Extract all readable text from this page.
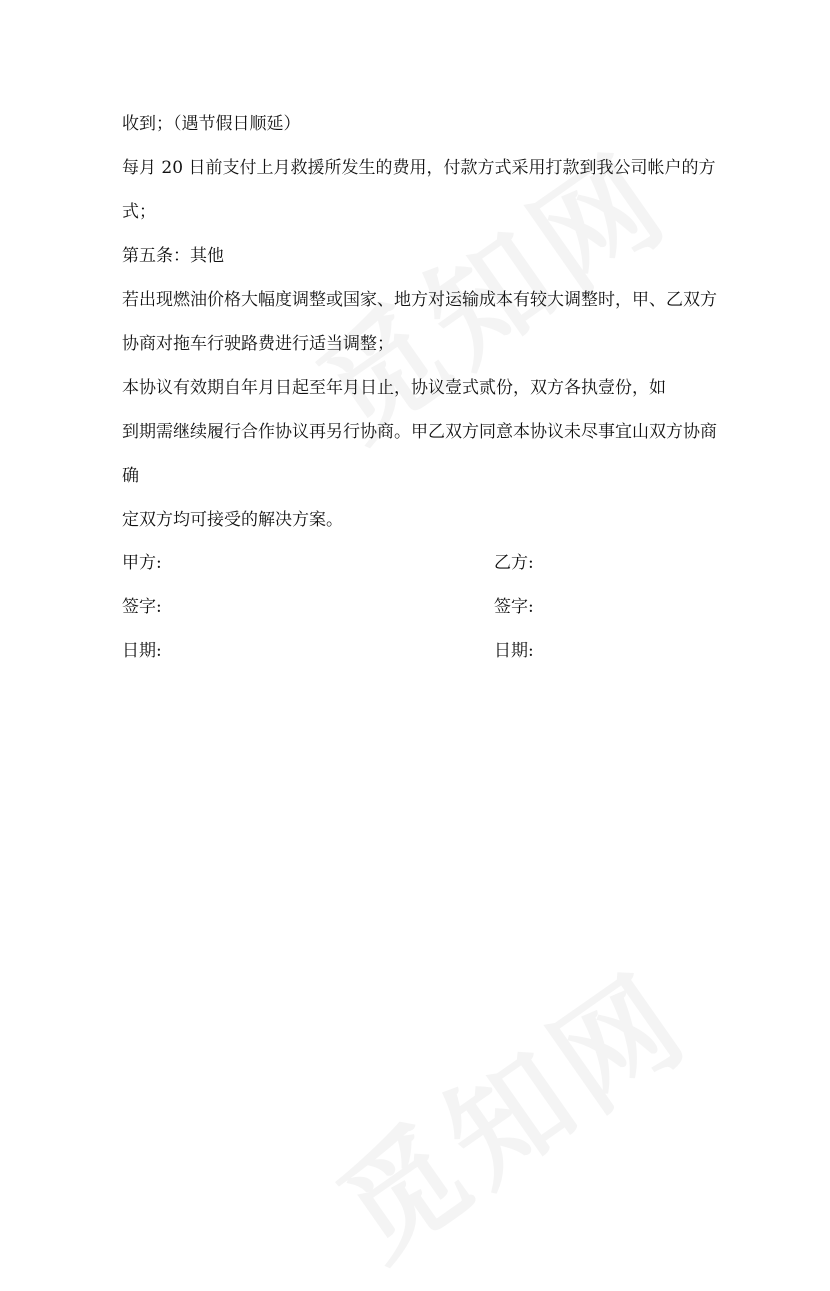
收到；（遇节假日顺延）
每月 20 日前支付上月救援所发生的费用，付款方式采用打款到我公司帐户的方
式；
第五条：其他
若出现燃油价格大幅度调整或国家、地方对运输成本有较大调整时，甲、乙双方
协商对拖车行驶路费进行适当调整；
本协议有效期自年月日起至年月日止，协议壹式贰份，双方各执壹份，如
到期需继续履行合作协议再另行协商。甲乙双方同意本协议未尽事宜山双方协商
确
定双方均可接受的解决方案。
甲方:	乙方:
签字:	签字:
日期:	日期:
